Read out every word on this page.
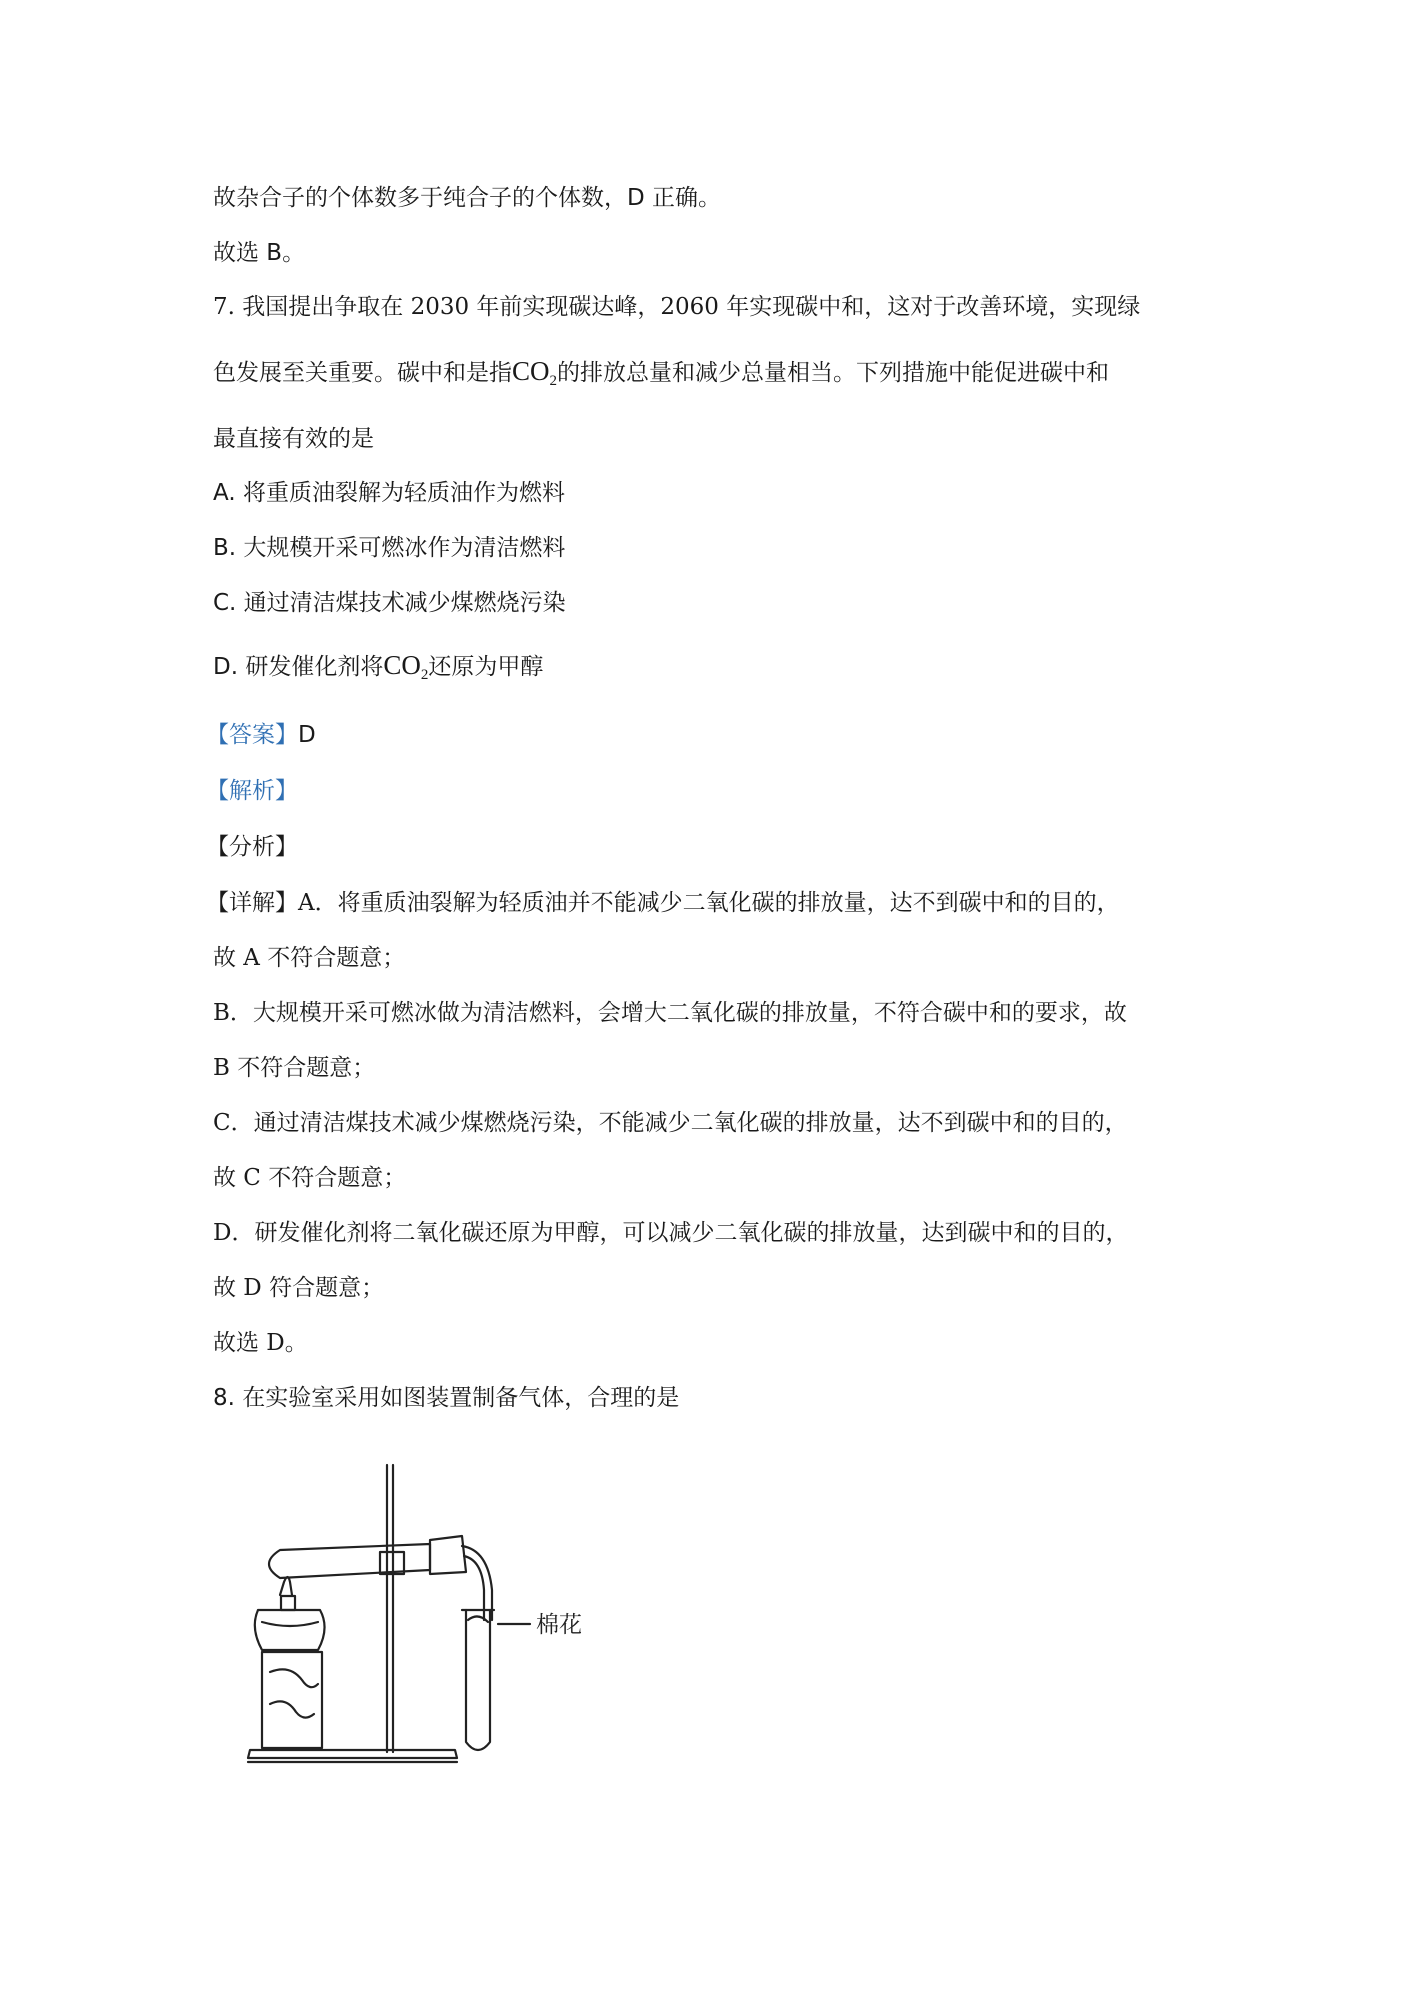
故杂合子的个体数多于纯合子的个体数，D 正确。
故选 B。
7. 我国提出争取在 2030 年前实现碳达峰，2060 年实现碳中和，这对于改善环境，实现绿
色发展至关重要。碳中和是指$CO_2$的排放总量和减少总量相当。下列措施中能促进碳中和
最直接有效的是
A. 将重质油裂解为轻质油作为燃料
B. 大规模开采可燃冰作为清洁燃料
C. 通过清洁煤技术减少煤燃烧污染
D. 研发催化剂将$CO_2$还原为甲醇
【答案】D
【解析】
【分析】
【详解】A．将重质油裂解为轻质油并不能减少二氧化碳的排放量，达不到碳中和的目的，
故 A 不符合题意；
B．大规模开采可燃冰做为清洁燃料，会增大二氧化碳的排放量，不符合碳中和的要求，故
B 不符合题意；
C．通过清洁煤技术减少煤燃烧污染，不能减少二氧化碳的排放量，达不到碳中和的目的，
故 C 不符合题意；
D．研发催化剂将二氧化碳还原为甲醇，可以减少二氧化碳的排放量，达到碳中和的目的，
故 D 符合题意；
故选 D。
8. 在实验室采用如图装置制备气体，合理的是
棉花
